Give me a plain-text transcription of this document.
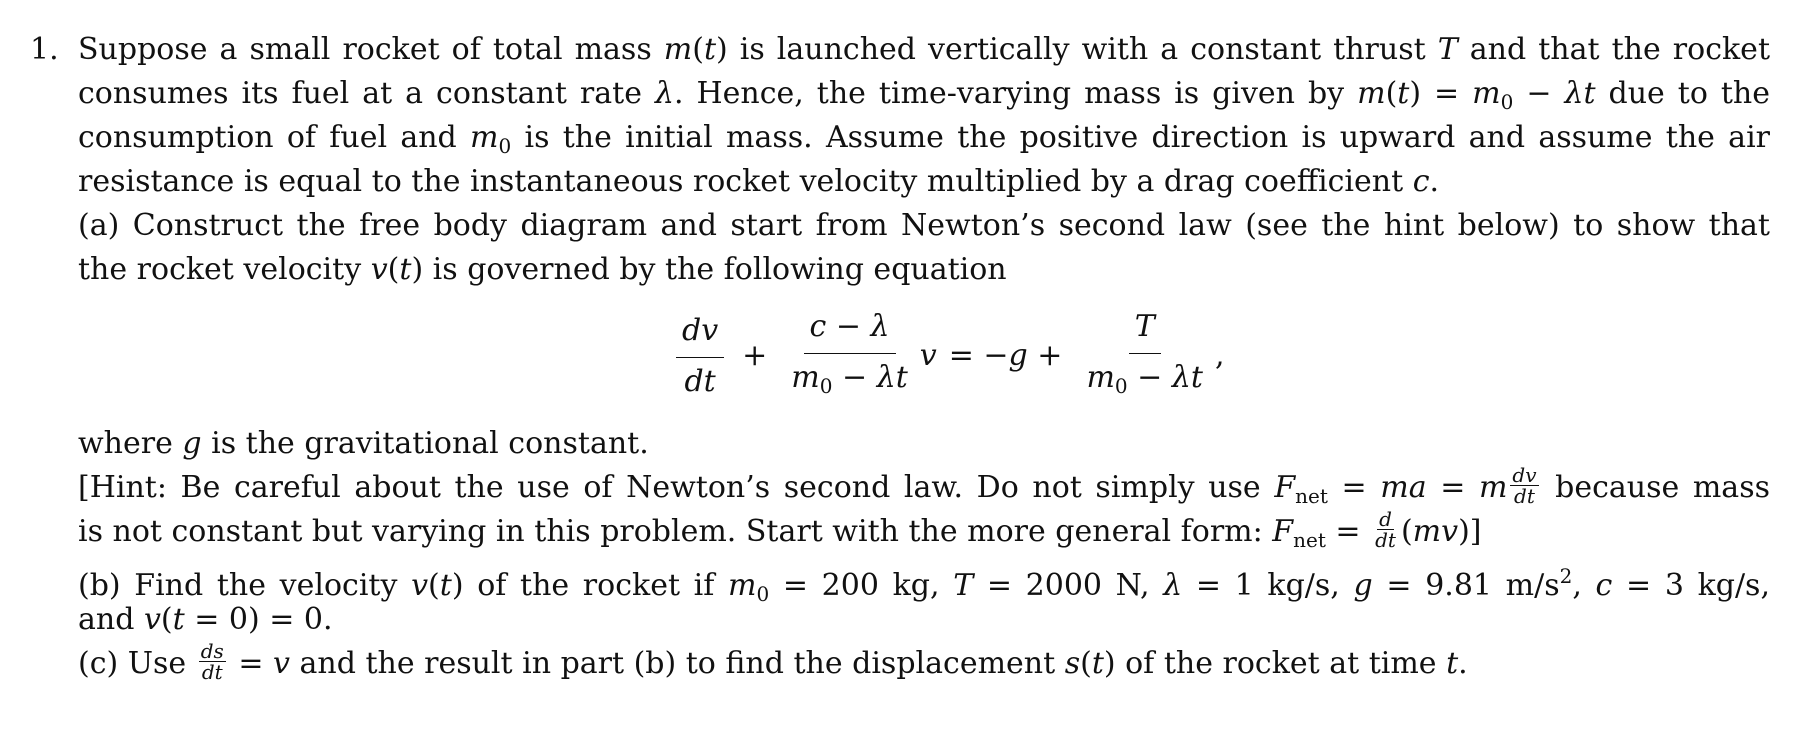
1. Suppose a small rocket of total mass m(t) is launched vertically with a constant thrust T and that the rocket
consumes its fuel at a constant rate λ. Hence, the time-varying mass is given by $m(t) = m_0 - \lambda t$ due to the
consumption of fuel and $m_0$ is the initial mass. Assume the positive direction is upward and assume the air
resistance is equal to the instantaneous rocket velocity multiplied by a drag coefficient c.
(a) Construct the free body diagram and start from Newton’s second law (see the hint below) to show that
the rocket velocity v(t) is governed by the following equation
$\frac{dv}{dt} + \frac{c - \lambda}{m_0 - \lambda t}$ $v = -g + \frac{T}{m_0 - \lambda t}$ ,
where g is the gravitational constant.
[Hint: Be careful about the use of Newton’s second law. Do not simply use $F_{net}$ = ma = m $\frac{dv}{dt}$ because mass
is not constant but varying in this problem. Start with the more general form: $F_{net} = \frac{d}{dt} (mv)$]
(b) Find the velocity v(t) of the rocket if $m_0 = 200$ kg, T = 2000 N, λ = 1 kg/s, g = 9.81 $m/s^2$, c = 3 kg/s,
and v(t = 0) = 0.
(c) Use $\frac{ds}{dt} = v$ and the result in part (b) to find the displacement s(t) of the rocket at time t.
